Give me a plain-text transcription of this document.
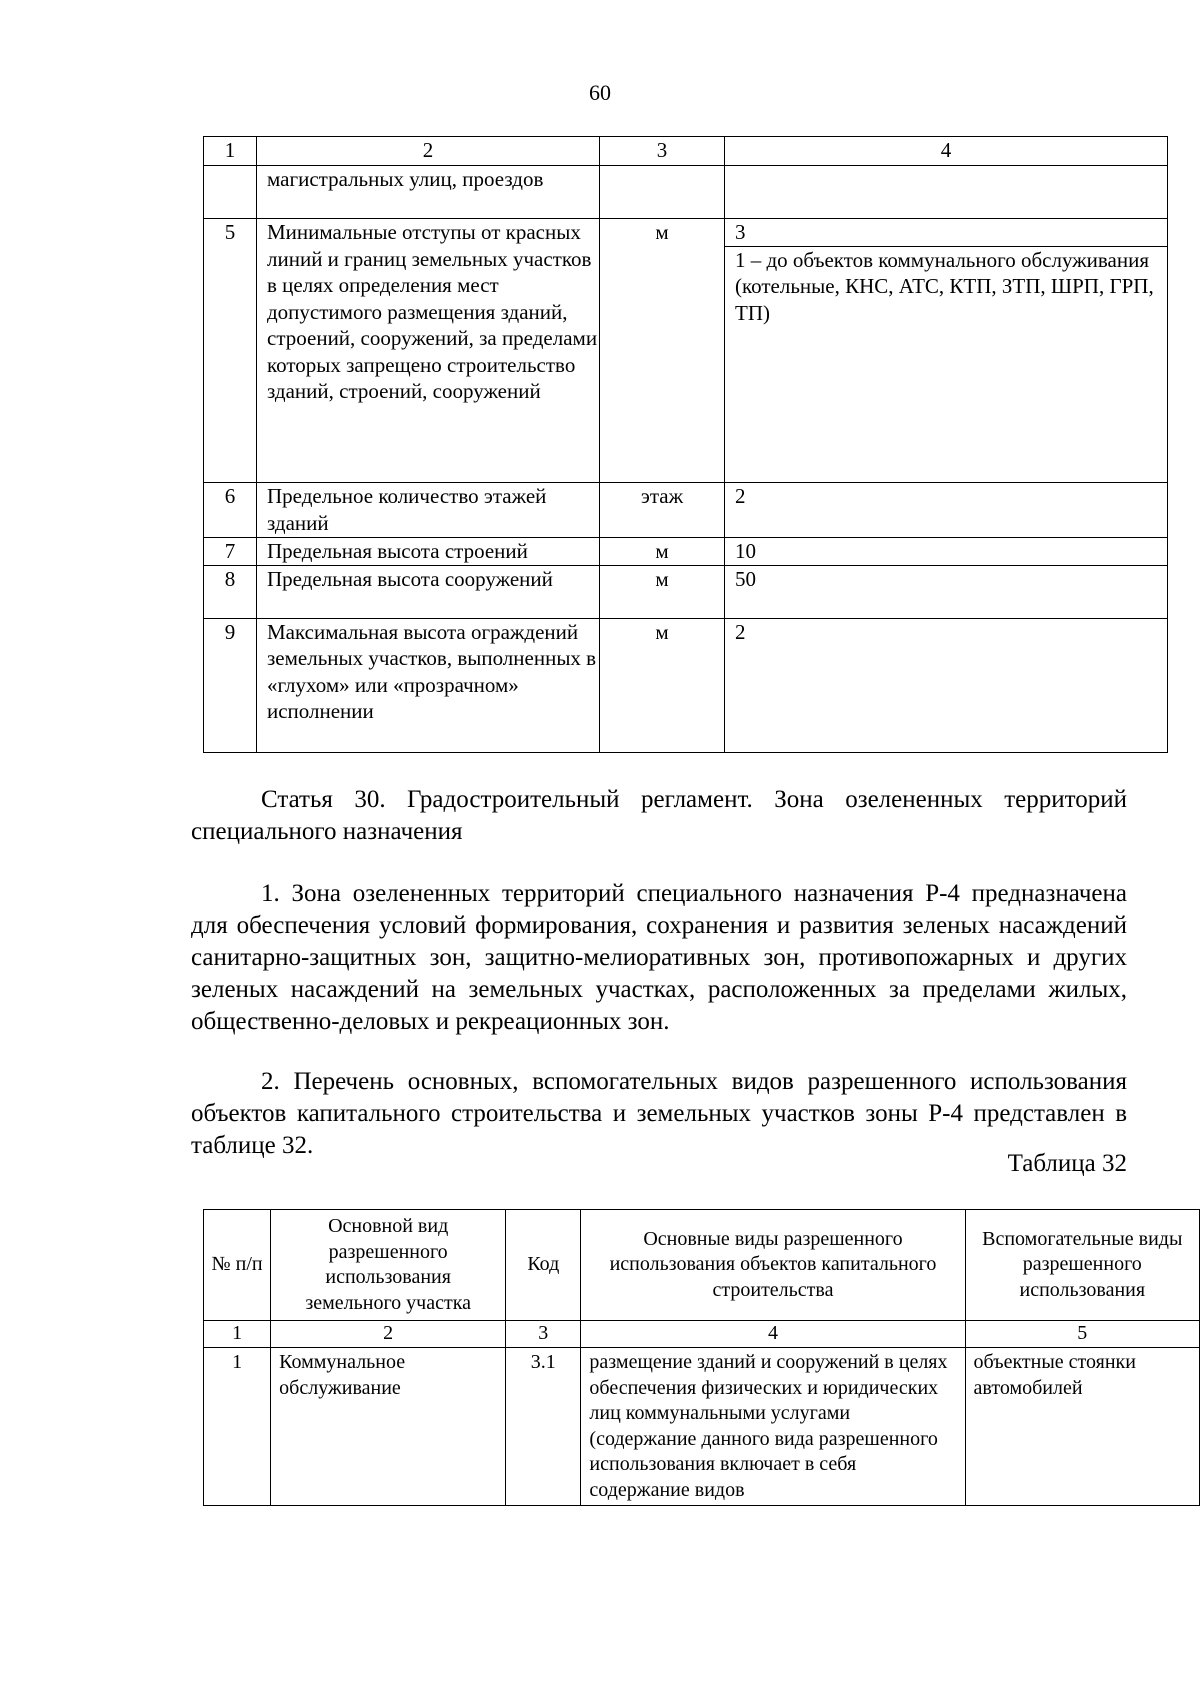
60
1	2	3	4
	магистральных улиц, проездов		
5	Минимальные отступы от красных линий и границ земельных участков в целях определения мест допустимого размещения зданий, строений, сооружений, за пределами которых запрещено строительство зданий, строений, сооружений	м	3
1 – до объектов коммунального обслуживания (котельные, КНС, АТС, КТП, ЗТП, ШРП, ГРП, ТП)

6	Предельное количество этажей зданий	этаж	2
7	Предельная высота строений	м	10
8	Предельная высота сооружений	м	50
9	Максимальная высота ограждений земельных участков, выполненных в «глухом» или «прозрачном» исполнении	м	2
Статья 30. Градостроительный регламент. Зона озелененных территорий специального назначения
1. Зона озелененных территорий специального назначения Р-4 предназначена для обеспечения условий формирования, сохранения и развития зеленых насаждений санитарно-защитных зон, защитно-мелиоративных зон, противопожарных и других зеленых насаждений на земельных участках, расположенных за пределами жилых, общественно-деловых и рекреационных зон.
2. Перечень основных, вспомогательных видов разрешенного использования объектов капитального строительства и земельных участков зоны Р-4 представлен в таблице 32.
Таблица 32
№ п/п	Основной вид разрешенного использования земельного участка	Код	Основные виды разрешенного использования объектов капитального строительства	Вспомогательные виды разрешенного использования
1	2	3	4	5
1	Коммунальное обслуживание	3.1	размещение зданий и сооружений в целях обеспечения физических и юридических лиц коммунальными услугами (содержание данного вида разрешенного использования включает в себя содержание видов	объектные стоянки автомобилей
